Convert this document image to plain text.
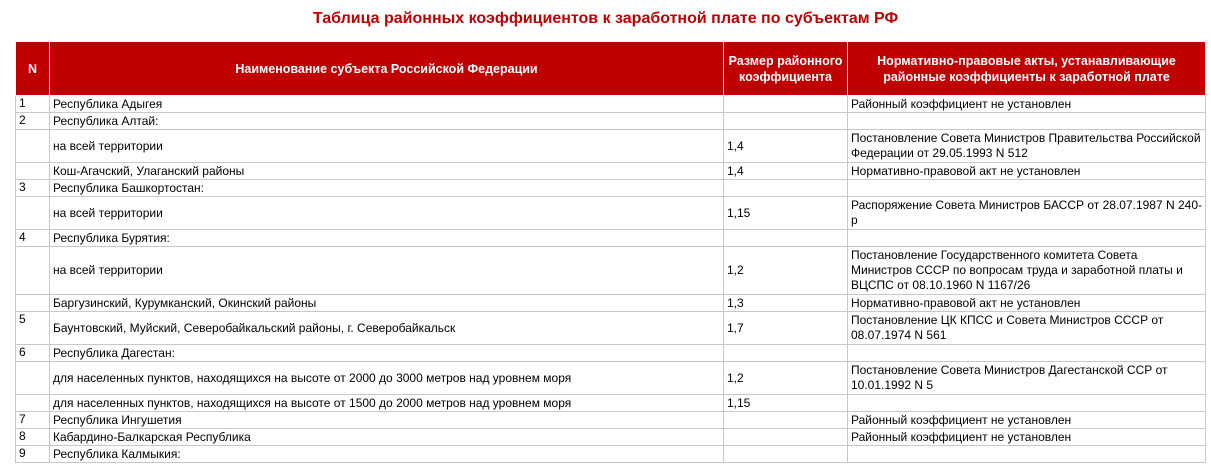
Таблица районных коэффициентов к заработной плате по субъектам РФ
N	Наименование субъекта Российской Федерации	Размер районного коэффициента	Нормативно-правовые акты, устанавливающие районные коэффициенты к заработной плате
1	Республика Адыгея		Районный коэффициент не установлен
2	Республика Алтай:		
	на всей территории	1,4	Постановление Совета Министров Правительства Российской Федерации от 29.05.1993 N 512
	Кош-Агачский, Улаганский районы	1,4	Нормативно-правовой акт не установлен
3	Республика Башкортостан:		
	на всей территории	1,15	Распоряжение Совета Министров БАССР от 28.07.1987 N 240-р
4	Республика Бурятия:		
	на всей территории	1,2	Постановление Государственного комитета Совета Министров СССР по вопросам труда и заработной платы и ВЦСПС от 08.10.1960 N 1167/26
	Баргузинский, Курумканский, Окинский районы	1,3	Нормативно-правовой акт не установлен
5	Баунтовский, Муйский, Северобайкальский районы, г. Северобайкальск	1,7	Постановление ЦК КПСС и Совета Министров СССР от 08.07.1974 N 561
6	Республика Дагестан:		
	для населенных пунктов, находящихся на высоте от 2000 до 3000 метров над уровнем моря	1,2	Постановление Совета Министров Дагестанской ССР от 10.01.1992 N 5
	для населенных пунктов, находящихся на высоте от 1500 до 2000 метров над уровнем моря	1,15	
7	Республика Ингушетия		Районный коэффициент не установлен
8	Кабардино-Балкарская Республика		Районный коэффициент не установлен
9	Республика Калмыкия:		
